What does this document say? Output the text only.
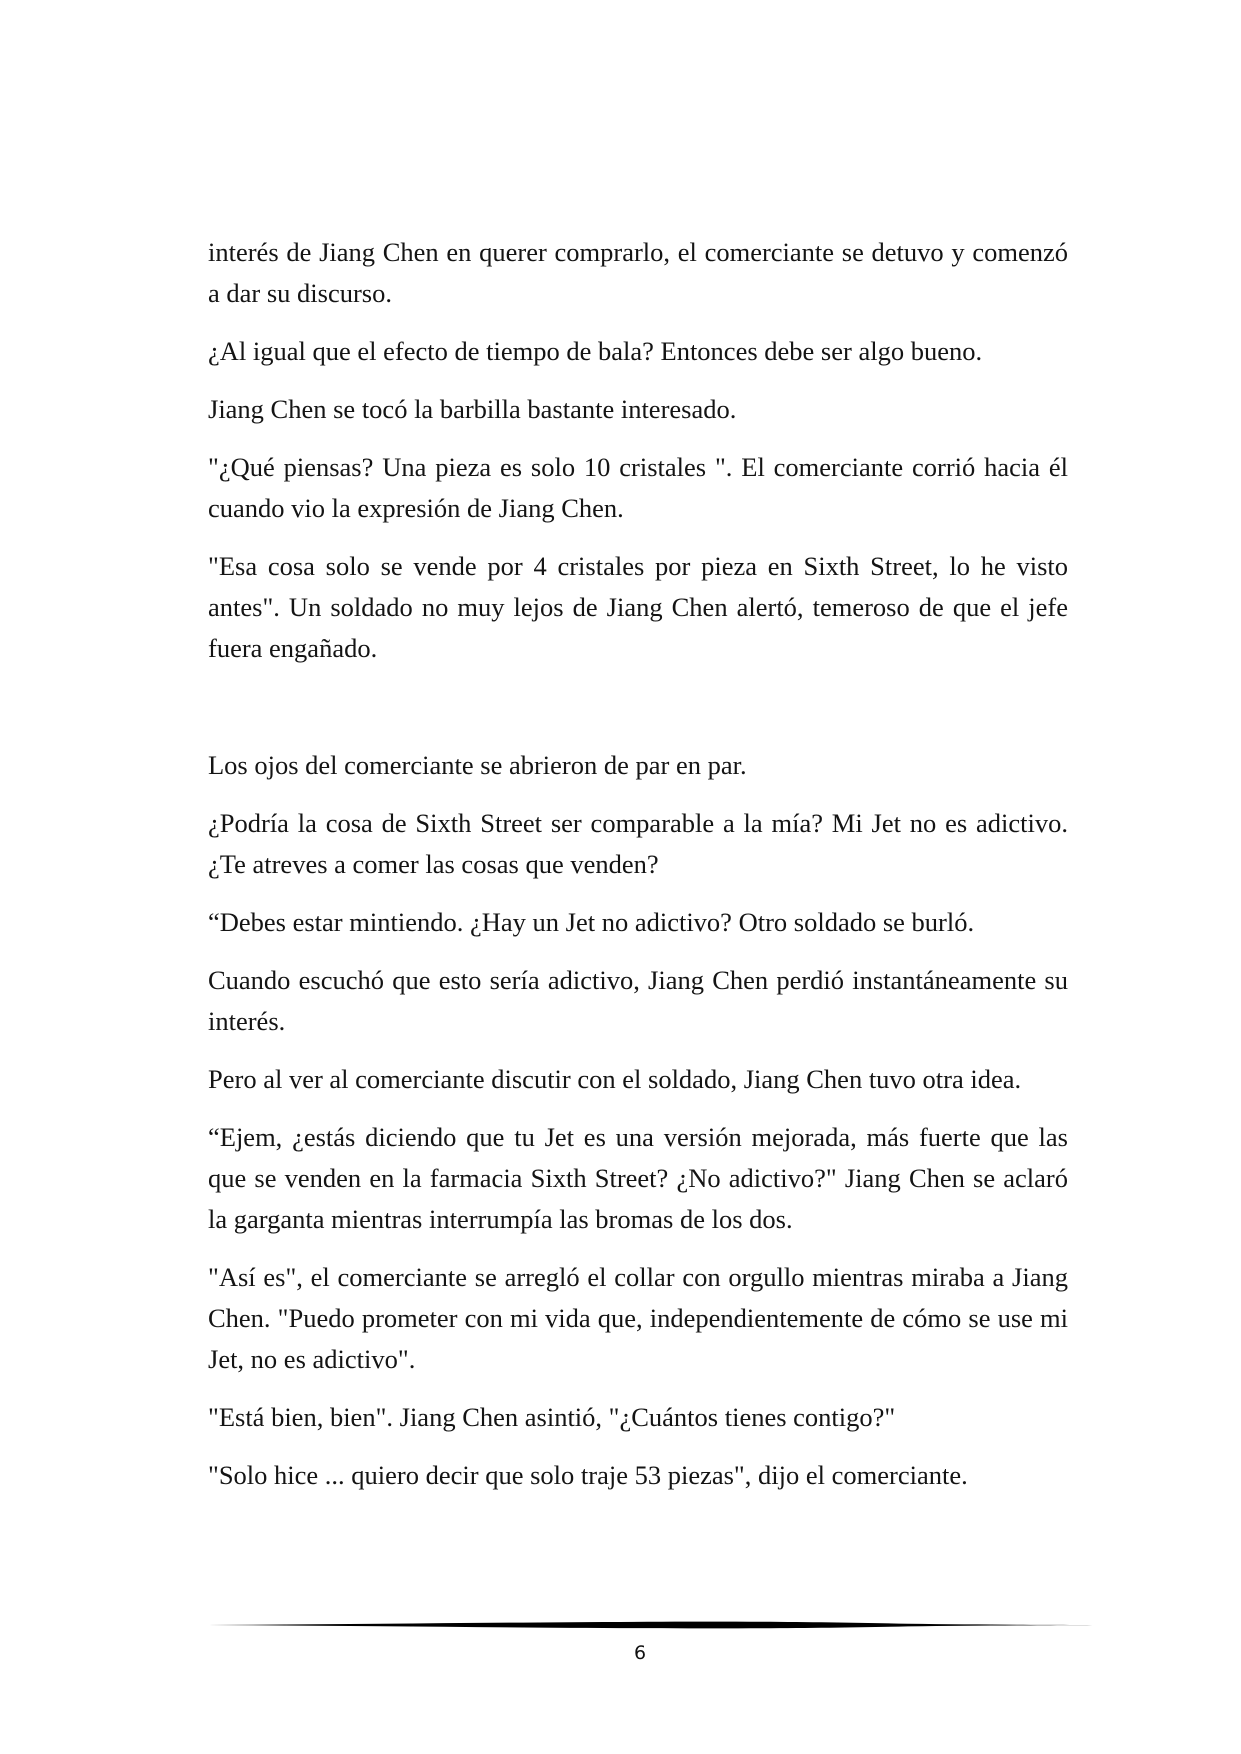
interés de Jiang Chen en querer comprarlo, el comerciante se detuvo y comenzó a dar su discurso.

¿Al igual que el efecto de tiempo de bala? Entonces debe ser algo bueno.

Jiang Chen se tocó la barbilla bastante interesado.

"¿Qué piensas? Una pieza es solo 10 cristales ". El comerciante corrió hacia él cuando vio la expresión de Jiang Chen.

"Esa cosa solo se vende por 4 cristales por pieza en Sixth Street, lo he visto antes". Un soldado no muy lejos de Jiang Chen alertó, temeroso de que el jefe fuera engañado.

Los ojos del comerciante se abrieron de par en par.

¿Podría la cosa de Sixth Street ser comparable a la mía? Mi Jet no es adictivo. ¿Te atreves a comer las cosas que venden?

“Debes estar mintiendo. ¿Hay un Jet no adictivo? Otro soldado se burló.

Cuando escuchó que esto sería adictivo, Jiang Chen perdió instantáneamente su interés.

Pero al ver al comerciante discutir con el soldado, Jiang Chen tuvo otra idea.

“Ejem, ¿estás diciendo que tu Jet es una versión mejorada, más fuerte que las que se venden en la farmacia Sixth Street? ¿No adictivo?" Jiang Chen se aclaró la garganta mientras interrumpía las bromas de los dos.

"Así es", el comerciante se arregló el collar con orgullo mientras miraba a Jiang Chen. "Puedo prometer con mi vida que, independientemente de cómo se use mi Jet, no es adictivo".

"Está bien, bien". Jiang Chen asintió, "¿Cuántos tienes contigo?"

"Solo hice ... quiero decir que solo traje 53 piezas", dijo el comerciante.

6
